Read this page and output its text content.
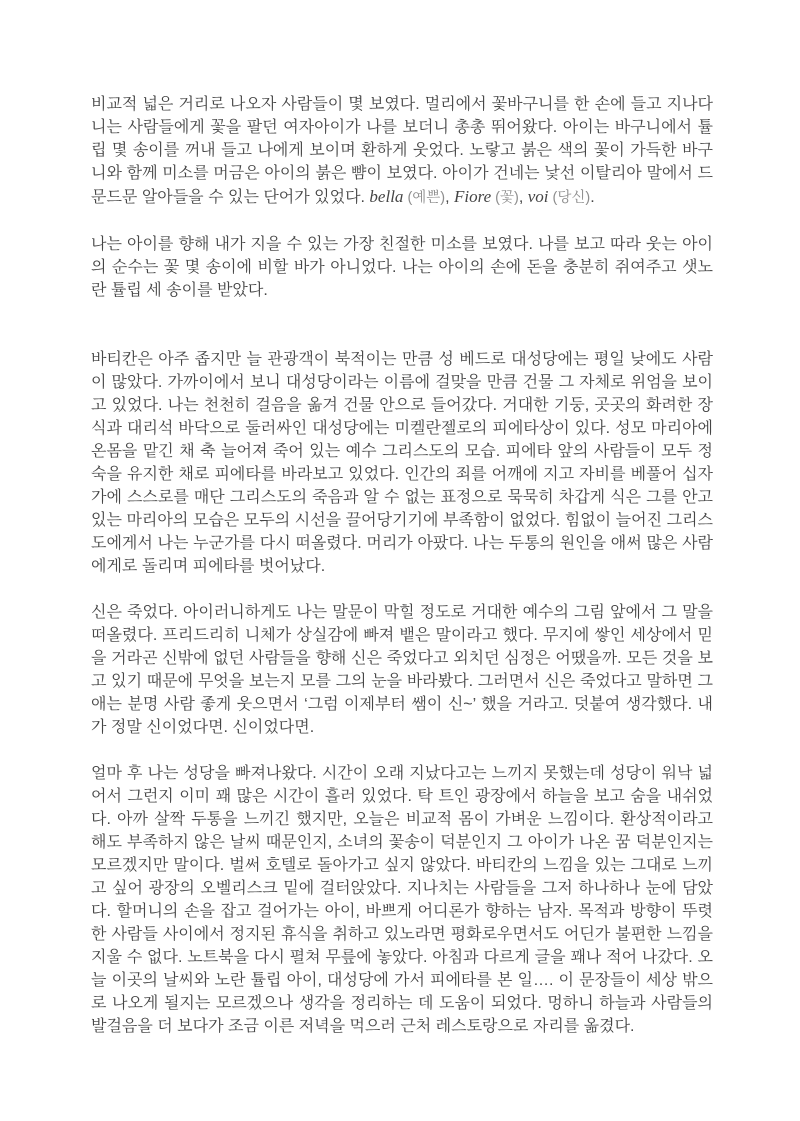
비교적 넓은 거리로 나오자 사람들이 몇 보였다. 멀리에서 꽃바구니를 한 손에 들고 지나다니는 사람들에게 꽃을 팔던 여자아이가 나를 보더니 총총 뛰어왔다. 아이는 바구니에서 튤립 몇 송이를 꺼내 들고 나에게 보이며 환하게 웃었다. 노랗고 붉은 색의 꽃이 가득한 바구니와 함께 미소를 머금은 아이의 붉은 뺨이 보였다. 아이가 건네는 낯선 이탈리아 말에서 드문드문 알아들을 수 있는 단어가 있었다. bella (예쁜), Fiore (꽃), voi (당신).

나는 아이를 향해 내가 지을 수 있는 가장 친절한 미소를 보였다. 나를 보고 따라 웃는 아이의 순수는 꽃 몇 송이에 비할 바가 아니었다. 나는 아이의 손에 돈을 충분히 쥐여주고 샛노란 튤립 세 송이를 받았다.

바티칸은 아주 좁지만 늘 관광객이 북적이는 만큼 성 베드로 대성당에는 평일 낮에도 사람이 많았다. 가까이에서 보니 대성당이라는 이름에 걸맞을 만큼 건물 그 자체로 위엄을 보이고 있었다. 나는 천천히 걸음을 옮겨 건물 안으로 들어갔다. 거대한 기둥, 곳곳의 화려한 장식과 대리석 바닥으로 둘러싸인 대성당에는 미켈란젤로의 피에타상이 있다. 성모 마리아에 온몸을 맡긴 채 축 늘어져 죽어 있는 예수 그리스도의 모습. 피에타 앞의 사람들이 모두 정숙을 유지한 채로 피에타를 바라보고 있었다. 인간의 죄를 어깨에 지고 자비를 베풀어 십자가에 스스로를 매단 그리스도의 죽음과 알 수 없는 표정으로 묵묵히 차갑게 식은 그를 안고 있는 마리아의 모습은 모두의 시선을 끌어당기기에 부족함이 없었다. 힘없이 늘어진 그리스도에게서 나는 누군가를 다시 떠올렸다. 머리가 아팠다. 나는 두통의 원인을 애써 많은 사람에게로 돌리며 피에타를 벗어났다.

신은 죽었다. 아이러니하게도 나는 말문이 막힐 정도로 거대한 예수의 그림 앞에서 그 말을 떠올렸다. 프리드리히 니체가 상실감에 빠져 뱉은 말이라고 했다. 무지에 쌓인 세상에서 믿을 거라곤 신밖에 없던 사람들을 향해 신은 죽었다고 외치던 심정은 어땠을까. 모든 것을 보고 있기 때문에 무엇을 보는지 모를 그의 눈을 바라봤다. 그러면서 신은 죽었다고 말하면 그 애는 분명 사람 좋게 웃으면서 ‘그럼 이제부터 쌤이 신~’ 했을 거라고. 덧붙여 생각했다. 내가 정말 신이었다면. 신이었다면.

얼마 후 나는 성당을 빠져나왔다. 시간이 오래 지났다고는 느끼지 못했는데 성당이 워낙 넓어서 그런지 이미 꽤 많은 시간이 흘러 있었다. 탁 트인 광장에서 하늘을 보고 숨을 내쉬었다. 아까 살짝 두통을 느끼긴 했지만, 오늘은 비교적 몸이 가벼운 느낌이다. 환상적이라고 해도 부족하지 않은 날씨 때문인지, 소녀의 꽃송이 덕분인지 그 아이가 나온 꿈 덕분인지는 모르겠지만 말이다. 벌써 호텔로 돌아가고 싶지 않았다. 바티칸의 느낌을 있는 그대로 느끼고 싶어 광장의 오벨리스크 밑에 걸터앉았다. 지나치는 사람들을 그저 하나하나 눈에 담았다. 할머니의 손을 잡고 걸어가는 아이, 바쁘게 어디론가 향하는 남자. 목적과 방향이 뚜렷한 사람들 사이에서 정지된 휴식을 취하고 있노라면 평화로우면서도 어딘가 불편한 느낌을 지울 수 없다. 노트북을 다시 펼쳐 무릎에 놓았다. 아침과 다르게 글을 꽤나 적어 나갔다. 오늘 이곳의 날씨와 노란 튤립 아이, 대성당에 가서 피에타를 본 일…. 이 문장들이 세상 밖으로 나오게 될지는 모르겠으나 생각을 정리하는 데 도움이 되었다. 멍하니 하늘과 사람들의 발걸음을 더 보다가 조금 이른 저녁을 먹으러 근처 레스토랑으로 자리를 옮겼다.
